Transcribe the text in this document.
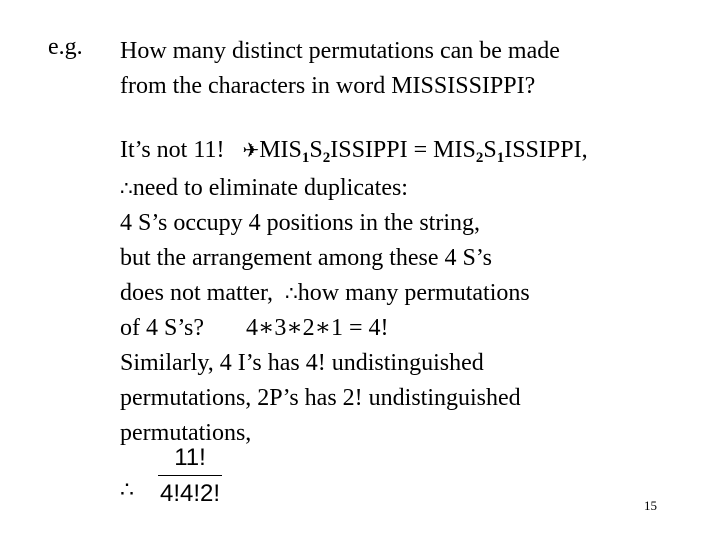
e.g. How many distinct permutations can be made
from the characters in word MISSISSIPPI?
It’s not 11! $✈MIS_1S_2ISSIPPI$ = $MIS_2S_1ISSIPPI$,
∴need to eliminate duplicates:
4 S’s occupy 4 positions in the string,
but the arrangement among these 4 S’s
does not matter, ∴how many permutations
of 4 S’s? 4∗3∗2∗1 = 4!
Similarly, 4 I’s has 4! undistinguished
permutations, 2P’s has 2! undistinguished
permutations,
∴
11!
4!4!2!	15
